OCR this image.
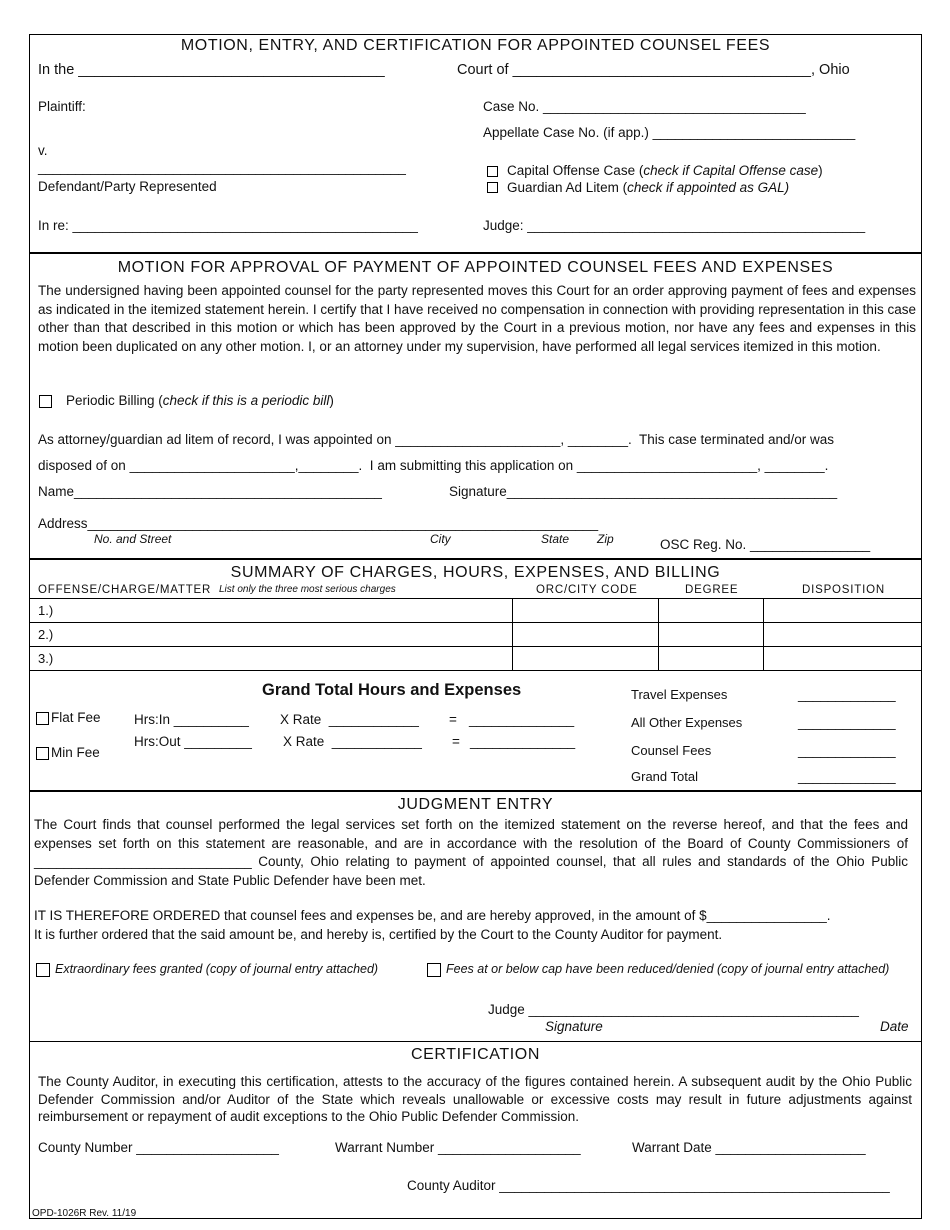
MOTION, ENTRY, AND CERTIFICATION FOR APPOINTED COUNSEL FEES
In the ______________________________________	Court of _____________________________________, Ohio
Plaintiff:	Case No. ___________________________________
Appellate Case No. (if app.) ___________________________
v.
_________________________________________________
Defendant/Party Represented
Capital Offense Case (check if Capital Offense case)
Guardian Ad Litem (check if appointed as GAL)
In re: ______________________________________________	Judge: _____________________________________________
MOTION FOR APPROVAL OF PAYMENT OF APPOINTED COUNSEL FEES AND EXPENSES
The undersigned having been appointed counsel for the party represented moves this Court for an order approving payment of fees and expenses as indicated in the itemized statement herein. I certify that I have received no compensation in connection with providing representation in this case other than that described in this motion or which has been approved by the Court in a previous motion, nor have any fees and expenses in this motion been duplicated on any other motion. I, or an attorney under my supervision, have performed all legal services itemized in this motion.
Periodic Billing (check if this is a periodic bill)
As attorney/guardian ad litem of record, I was appointed on ______________________, ________.  This case terminated and/or was
disposed of on ______________________,________.  I am submitting this application on ________________________, ________.
Name_________________________________________	Signature____________________________________________
Address____________________________________________________________________
No. and Street	City	State Zip	OSC Reg. No. ________________
SUMMARY OF CHARGES, HOURS, EXPENSES, AND BILLING
OFFENSE/CHARGE/MATTER List only the three most serious charges	ORC/CITY CODE	DEGREE	DISPOSITION
1.)
2.)
3.)
Grand Total Hours and Expenses
Flat Fee
Min Fee
Hrs:In __________ X Rate  ____________ = ______________
Hrs:Out _________ X Rate  ____________ = ______________
Travel Expenses	_____________
All Other Expenses	_____________
Counsel Fees	_____________
Grand Total	_____________
JUDGMENT ENTRY
The Court finds that counsel performed the legal services set forth on the itemized statement on the reverse hereof, and that the fees and expenses set forth on this statement are reasonable, and are in accordance with the resolution of the Board of County Commissioners of _____________________________ County, Ohio relating to payment of appointed counsel, that all rules and standards of the Ohio Public Defender Commission and State Public Defender have been met.
IT IS THEREFORE ORDERED that counsel fees and expenses be, and are hereby approved, in the amount of $________________.
It is further ordered that the said amount be, and hereby is, certified by the Court to the County Auditor for payment.
Extraordinary fees granted (copy of journal entry attached)	Fees at or below cap have been reduced/denied (copy of journal entry attached)
Judge ____________________________________________
Signature	Date
CERTIFICATION
The County Auditor, in executing this certification, attests to the accuracy of the figures contained herein. A subsequent audit by the Ohio Public Defender Commission and/or Auditor of the State which reveals unallowable or excessive costs may result in future adjustments against reimbursement or repayment of audit exceptions to the Ohio Public Defender Commission.
County Number ___________________	Warrant Number ___________________	Warrant Date ____________________
County Auditor ____________________________________________________
OPD-1026R Rev. 11/19
